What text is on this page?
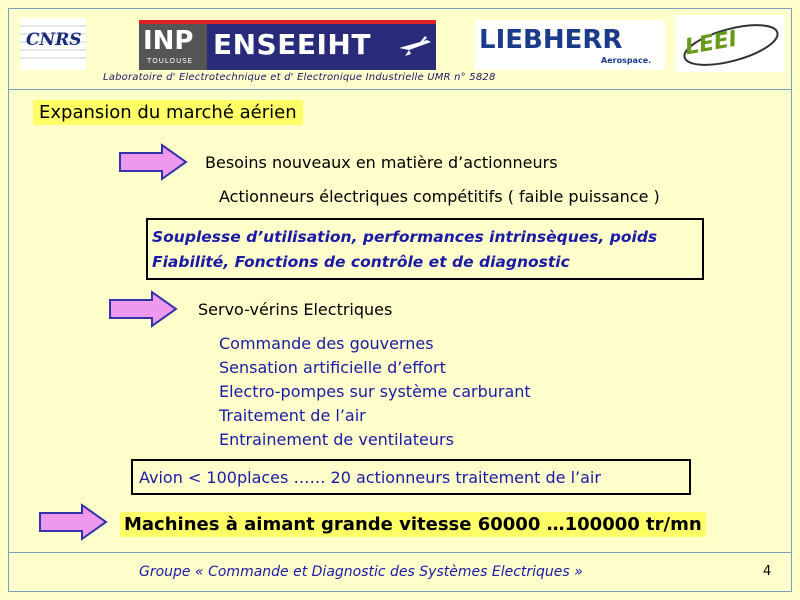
CNRS INP
TOULOUSE ENSEEIHT	LIEBHERR
Aerospace.
LEEI
Laboratoire d' Electrotechnique et d' Electronique Industrielle UMR n° 5828
Expansion du marché aérien
Besoins nouveaux en matière d’actionneurs
Actionneurs électriques compétitifs ( faible puissance )
Souplesse d’utilisation, performances intrinsèques, poids
Fiabilité, Fonctions de contrôle et de diagnostic
Servo-vérins Electriques
Commande des gouvernes
Sensation artificielle d’effort
Electro-pompes sur système carburant
Traitement de l’air
Entrainement de ventilateurs
Avion < 100places …… 20 actionneurs traitement de l’air
Machines à aimant grande vitesse 60000 …100000 tr/mn
Groupe « Commande et Diagnostic des Systèmes Electriques »	4
